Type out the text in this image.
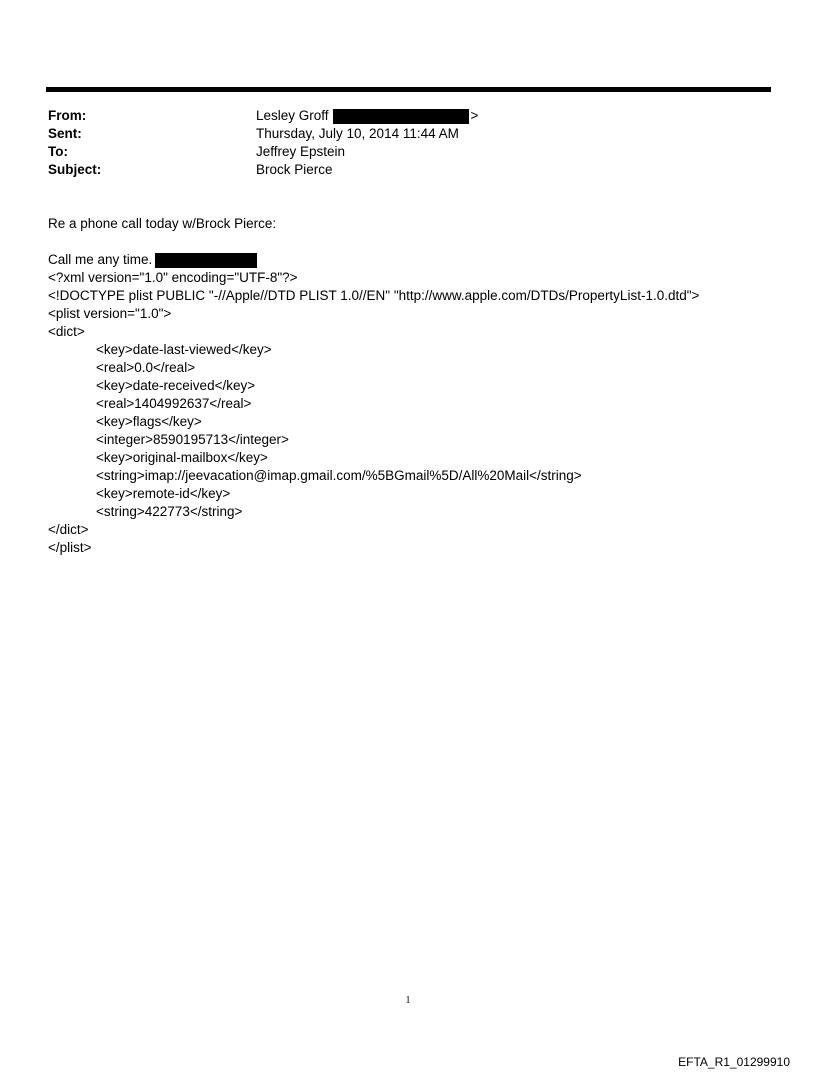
From:	Lesley Groff	>
Sent:	Thursday, July 10, 2014 11:44 AM
To:	Jeffrey Epstein
Subject:	Brock Pierce
Re a phone call today w/Brock Pierce:
Call me any time.
<?xml version="1.0" encoding="UTF-8"?>
<!DOCTYPE plist PUBLIC "-//Apple//DTD PLIST 1.0//EN" "http://www.apple.com/DTDs/PropertyList-1.0.dtd">
<plist version="1.0">
<dict>
<key>date-last-viewed</key>
<real>0.0</real>
<key>date-received</key>
<real>1404992637</real>
<key>flags</key>
<integer>8590195713</integer>
<key>original-mailbox</key>
<string>imap://jeevacation@imap.gmail.com/%5BGmail%5D/All%20Mail</string>
<key>remote-id</key>
<string>422773</string>
</dict>
</plist>
1
EFTA_R1_01299910
